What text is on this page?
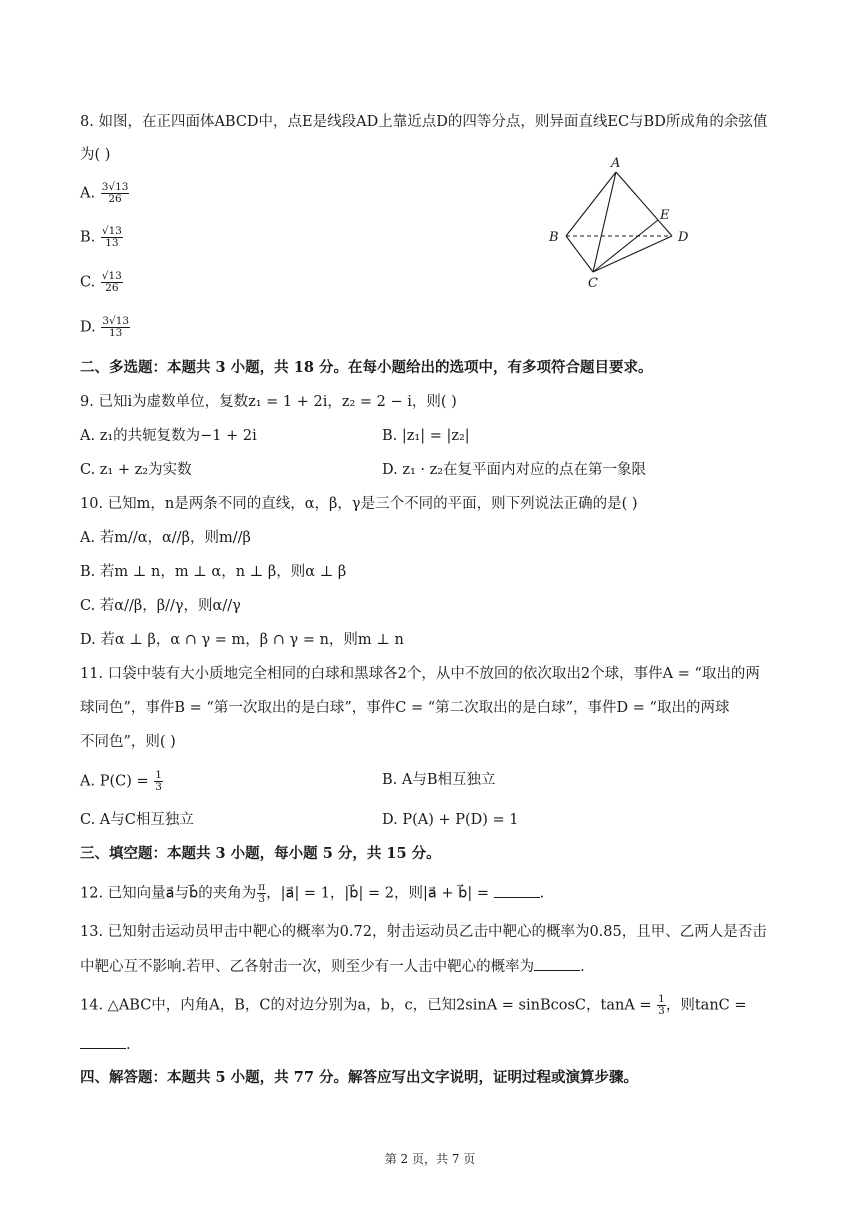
8. 如图，在正四面体ABCD中，点E是线段AD上靠近点D的四等分点，则异面直线EC与BD所成角的余弦值
为( )
A. $\frac{3√13}{26}$
B. $\frac{√13}{13}$
C. $\frac{√13}{26}$
D. $\frac{3√13}{13}$
A
B
C
D
E
二、多选题：本题共 3 小题，共 18 分。在每小题给出的选项中，有多项符合题目要求。
9. 已知i为虚数单位，复数z₁ = 1 + 2i，z₂ = 2 − i，则( )
A. z₁的共轭复数为−1 + 2i	B. |z₁| = |z₂|
C. z₁ + z₂为实数	D. z₁ · z₂在复平面内对应的点在第一象限
10. 已知m，n是两条不同的直线，α，β，γ是三个不同的平面，则下列说法正确的是( )
A. 若m//α，α//β，则m//β
B. 若m ⊥ n，m ⊥ α，n ⊥ β，则α ⊥ β
C. 若α//β，β//γ，则α//γ
D. 若α ⊥ β，α ∩ γ = m，β ∩ γ = n，则m ⊥ n
11. 口袋中装有大小质地完全相同的白球和黑球各2个，从中不放回的依次取出2个球，事件A = “取出的两
球同色”，事件B = “第一次取出的是白球”，事件C = “第二次取出的是白球”，事件D = “取出的两球
不同色”，则( )
A. $P(C) = \frac{1}{3}$	B. A与B相互独立
C. A与C相互独立	D. P(A) + P(D) = 1
三、填空题：本题共 3 小题，每小题 5 分，共 15 分。
12. 已知向量a⃗与b⃗的夹角为 $\frac{\pi}{3}$ ，|a⃗| = 1，|b⃗| = 2，则|a⃗ + b⃗| =	.
13. 已知射击运动员甲击中靶心的概率为0.72，射击运动员乙击中靶心的概率为0.85，且甲、乙两人是否击
中靶心互不影响.若甲、乙各射击一次，则至少有一人击中靶心的概率为	.
14. △ABC中，内角A，B，C的对边分别为a，b，c，已知2sinA = sinBcosC，$\tan A = \frac{1}{3}$ ，则tanC =
.
四、解答题：本题共 5 小题，共 77 分。解答应写出文字说明，证明过程或演算步骤。
第 2 页，共 7 页
